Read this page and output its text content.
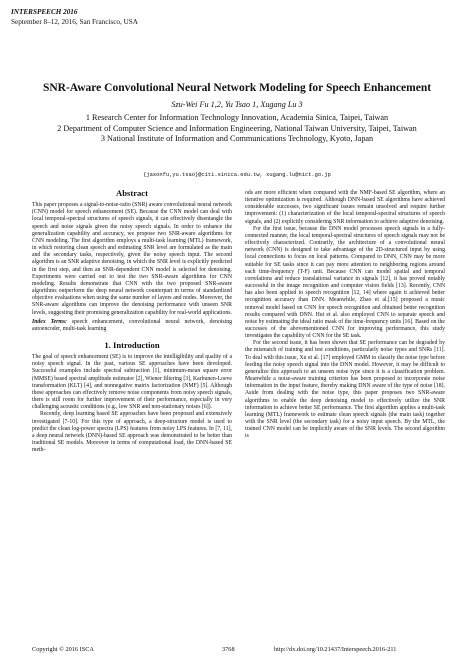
INTERSPEECH 2016
September 8–12, 2016, San Francisco, USA
SNR-Aware Convolutional Neural Network Modeling for Speech Enhancement
Szu-Wei Fu 1,2, Yu Tsao 1, Xugang Lu 3
1 Research Center for Information Technology Innovation, Academia Sinica, Taipei, Taiwan
2 Department of Computer Science and Information Engineering, National Taiwan University, Taipei, Taiwan
3 National Institute of Information and Communications Technology, Kyoto, Japan
{jasonfu,yu.tsao}@citi.sinica.edu.tw, xugang.lu@nict.go.jp
Abstract

This paper proposes a signal-to-noise-ratio (SNR) aware convolutional neural network (CNN) model for speech enhancement (SE). Because the CNN model can deal with local temporal-spectral structures of speech signals, it can effectively disentangle the speech and noise signals given the noisy speech signals. In order to enhance the generalization capability and accuracy, we propose two SNR-aware algorithms for CNN modeling. The first algorithm employs a multi-task learning (MTL) framework, in which restoring clean speech and estimating SNR level are formulated as the main and the secondary tasks, respectively, given the noisy speech input. The second algorithm is an SNR adaptive denoising, in which the SNR level is explicitly predicted in the first step, and then an SNR-dependent CNN model is selected for denoising. Experiments were carried out to test the two SNR-aware algorithms for CNN modeling. Results demonstrate that CNN with the two proposed SNR-aware algorithms outperform the deep neural network counterpart in terms of standardized objective evaluations when using the same number of layers and nodes. Moreover, the SNR-aware algorithms can improve the denoising performance with unseen SNR levels, suggesting their promising generalization capability for real-world applications.

Index Terms: speech enhancement, convolutional neural network, denoising autoencoder, multi-task learning

1. Introduction

The goal of speech enhancement (SE) is to improve the intelligibility and quality of a noisy speech signal. In the past, various SE approaches have been developed. Successful examples include spectral subtraction [1], minimum-mean square error (MMSE) based spectral amplitude estimator [2], Wiener filtering [3], Karhunen-Loeve transformation (KLT) [4], and nonnegative matrix factorization (NMF) [5]. Although these approaches can effectively remove noise components from noisy speech signals, there is still room for further improvement of their performance, especially in very challenging acoustic conditions (e.g., low SNR and non-stationary noises [6]).

Recently, deep learning based SE approaches have been proposed and extensively investigated [7-10]. For this type of approach, a deep-structure model is used to predict the clean log-power spectra (LPS) features from noisy LPS features. In [7, 11], a deep neural network (DNN)-based SE approach was demonstrated to be better than traditional SE models. Moreover in terms of computational load, the DNN-based SE meth-

ods are more efficient when compared with the NMF-based SE algorithm, where an iterative optimization is required. Although DNN-based SE algorithms have achieved considerable successes, two significant issues remain unsolved and require further improvement: (1) characterization of the local temporal-spectral structures of speech signals, and (2) explicitly considering SNR information to achieve adaptive denoising.

For the first issue, because the DNN model processes speech signals in a fully-connected manner, the local temporal-spectral structures of speech signals may not be effectively characterized. Contrarily, the architecture of a convolutional neural network (CNN) is designed to take advantage of the 2D-structured input by using local connections to focus on local patterns. Compared to DNN, CNN may be more suitable for SE tasks since it can pay more attention to neighboring regions around each time-frequency (T-F) unit. Because CNN can model spatial and temporal correlations and reduce translational variance in signals [12], it has proved notably successful in the image recognition and computer vision fields [13]. Recently, CNN has also been applied to speech recognition [12, 14] where again it achieved better recognition accuracy than DNN. Meanwhile, Zhao et al.[15] proposed a music removal model based on CNN for speech recognition and obtained better recognition results compared with DNN. Hui et al. also employed CNN to separate speech and noise by estimating the ideal ratio mask of the time-frequency units [16]. Based on the successes of the abovementioned CNN for improving performance, this study investigates the capability of CNN for the SE task.

For the second issue, it has been shown that SE performance can be degraded by the mismatch of training and test conditions, particularly noise types and SNRs [11]. To deal with this issue, Xu et al. [17] employed GMM to classify the noise type before feeding the noisy speech signal into the DNN model. However, it may be difficult to generalize this approach to an unseen noise type since it is a classification problem. Meanwhile a noise-aware training criterion has been proposed to incorporate noise information in the input feature, thereby making DNN aware of the type of noise [18]. Aside from dealing with the noise type, this paper proposes two SNR-aware algorithms to enable the deep denoising model to effectively utilize the SNR information to achieve better SE performance. The first algorithm applies a multi-task learning (MTL) framework to estimate clean speech signals (the main task) together with the SNR level (the secondary task) for a noisy input speech. By the MTL, the trained CNN model can be implicitly aware of the SNR levels. The second algorithm is

Copyright © 2016 ISCA	3768	http://dx.doi.org/10.21437/Interspeech.2016-211
